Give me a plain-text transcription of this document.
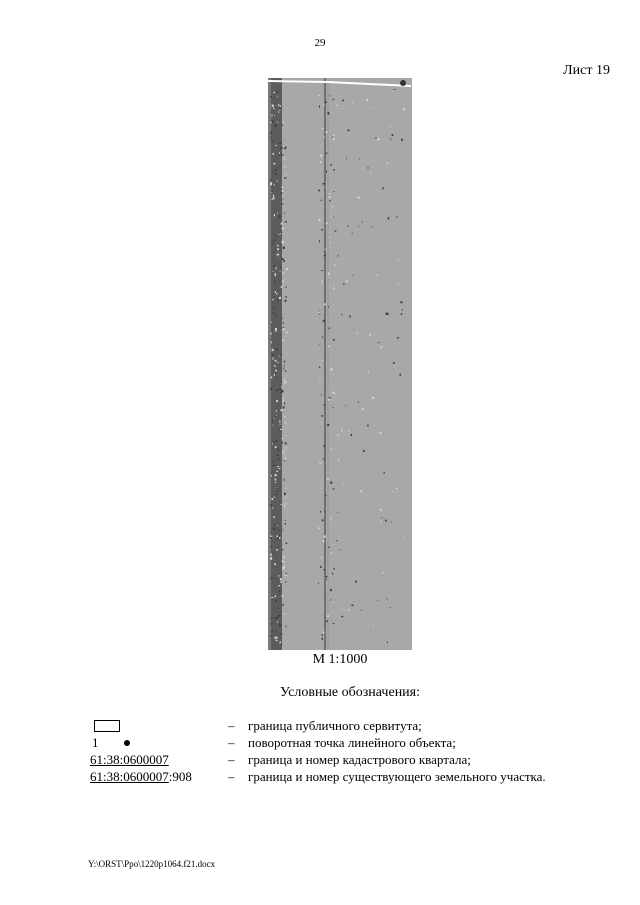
29
Лист 19
М 1:1000
Условные обозначения:
– граница публичного сервитута;
1	– поворотная точка линейного объекта;
61:38:0600007	– граница и номер кадастрового квартала;
61:38:0600007:908	– граница и номер существующего земельного участка.
Y:\ORST\Ppo\1220p1064.f21.docx
